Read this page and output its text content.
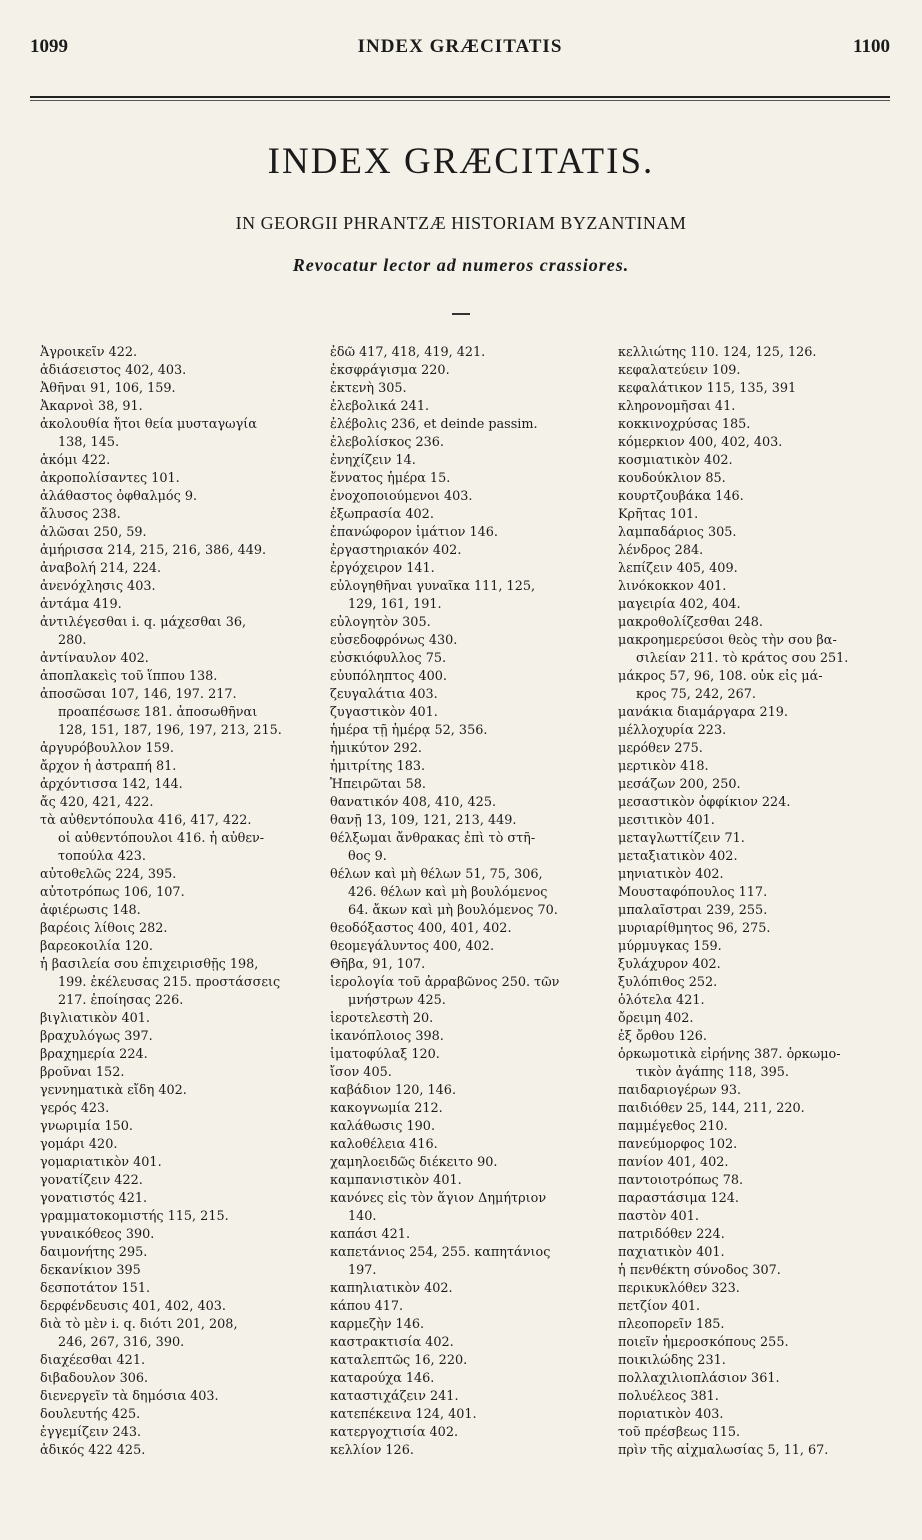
INDEX GRÆCITATIS
1099	1100
INDEX GRÆCITATIS.
IN GEORGII PHRANTZÆ HISTORIAM BYZANTINAM
Revocatur lector ad numeros crassiores.
Ἀγροικεῖν 422.
ἀδιάσειστος 402, 403.
Ἀθῆναι 91, 106, 159.
Ἀκαρνοὶ 38, 91.
ἀκολουθία ἤτοι θεία μυσταγωγία
138, 145.
ἀκόμι 422.
ἀκροπολίσαντες 101.
ἀλάθαστος ὀφθαλμός 9.
ἄλυσος 238.
ἁλῶσαι 250, 59.
ἀμήρισσα 214, 215, 216, 386, 449.
ἀναβολή 214, 224.
ἀνενόχλησις 403.
ἀντάμα 419.
ἀντιλέγεσθαι i. q. μάχεσθαι 36,
280.
ἀντίναυλον 402.
ἀποπλακεὶς τοῦ ἵππου 138.
ἀποσῶσαι 107, 146, 197. 217.
προαπέσωσε 181. ἀποσωθῆναι
128, 151, 187, 196, 197, 213, 215.
ἀργυρόβουλλον 159.
ἄρχον ἡ ἀστραπή 81.
ἀρχόντισσα 142, 144.
ἄς 420, 421, 422.
τὰ αὐθεντόπουλα 416, 417, 422.
οἱ αὐθεντόπουλοι 416. ἡ αὐθεν-
τοπούλα 423.
αὐτοθελῶς 224, 395.
αὐτοτρόπως 106, 107.
ἀφιέρωσις 148.
βαρέοις λίθοις 282.
βαρεοκοιλία 120.
ἡ βασιλεία σου ἐπιχειρισθῇς 198,
199. ἐκέλευσας 215. προστάσσεις
217. ἐποίησας 226.
βιγλιατικὸν 401.
βραχυλόγως 397.
βραχημερία 224.
βροῦναι 152.
γεννηματικὰ εἴδη 402.
γερός 423.
γνωριμία 150.
γομάρι 420.
γομαριατικὸν 401.
γονατίζειν 422.
γονατιστός 421.
γραμματοκομιστής 115, 215.
γυναικόθεος 390.
δαιμονήτης 295.
δεκανίκιον 395
δεσποτάτον 151.
δερφένδευσις 401, 402, 403.
διὰ τὸ μὲν i. q. διότι 201, 208,
246, 267, 316, 390.
διαχέεσθαι 421.
διβαδουλον 306.
διενεργεῖν τὰ δημόσια 403.
δουλευτής 425.
ἐγγεμίζειν 243.
ἀδικός 422 425.
ἐδῶ 417, 418, 419, 421.
ἐκσφράγισμα 220.
ἐκτενὴ 305.
ἐλεβολικά 241.
ἐλέβολις 236, et deinde passim.
ἐλεβολίσκος 236.
ἐνηχίζειν 14.
ἔννατος ἡμέρα 15.
ἐνοχοποιούμενοι 403.
ἐξωπρασία 402.
ἐπανώφορον ἱμάτιον 146.
ἐργαστηριακόν 402.
ἐργόχειρον 141.
εὐλογηθῆναι γυναῖκα 111, 125,
129, 161, 191.
εὐλογητὸν 305.
εὐσεδοφρόνως 430.
εὐσκιόφυλλος 75.
εὐυπόληπτος 400.
ζευγαλάτια 403.
ζυγαστικὸν 401.
ἡμέρα τῇ ἡμέρᾳ 52, 356.
ἡμικύτον 292.
ἡμιτρίτης 183.
Ἠπειρῶται 58.
θανατικόν 408, 410, 425.
θανῇ 13, 109, 121, 213, 449.
θέλξωμαι ἄνθρακας ἐπὶ τὸ στῆ-
θος 9.
θέλων καὶ μὴ θέλων 51, 75, 306,
426. θέλων καὶ μὴ βουλόμενος
64. ἄκων καὶ μὴ βουλόμενος 70.
θεοδόξαστος 400, 401, 402.
θεομεγάλυντος 400, 402.
Θῆβα, 91, 107.
ἱερολογία τοῦ ἀρραβῶνος 250. τῶν
μνήστρων 425.
ἱεροτελεστὴ 20.
ἰκανόπλοιος 398.
ἱματοφύλαξ 120.
ἴσον 405.
καβάδιον 120, 146.
κακογνωμία 212.
καλάθωσις 190.
καλοθέλεια 416.
χαμηλοειδῶς διέκειτο 90.
καμπανιστικὸν 401.
κανόνες εἰς τὸν ἅγιον Δημήτριον
140.
καπάσι 421.
καπετάνιος 254, 255. καπητάνιος
197.
καπηλιατικὸν 402.
κάπου 417.
καρμεζὴν 146.
καστρακτισία 402.
καταλεπτῶς 16, 220.
καταρούχα 146.
καταστιχάζειν 241.
κατεπέκεινα 124, 401.
κατεργοχτισία 402.
κελλίον 126.
κελλιώτης 110. 124, 125, 126.
κεφαλατεύειν 109.
κεφαλάτικον 115, 135, 391
κληρονομῆσαι 41.
κοκκινοχρύσας 185.
κόμερκιον 400, 402, 403.
κοσμιατικὸν 402.
κουδούκλιον 85.
κουρτζουβάκα 146.
Κρῆτας 101.
λαμπαδάριος 305.
λένδρος 284.
λεπίζειν 405, 409.
λινόκοκκον 401.
μαγειρία 402, 404.
μακροθολίζεσθαι 248.
μακροημερεύσοι θεὸς τὴν σου βα-
σιλείαν 211. τὸ κράτος σου 251.
μάκρος 57, 96, 108. οὐκ εἰς μά-
κρος 75, 242, 267.
μανάκια διαμάργαρα 219.
μέλλοχυρία 223.
μερόθεν 275.
μερτικὸν 418.
μεσάζων 200, 250.
μεσαστικὸν ὀφφίκιον 224.
μεσιτικὸν 401.
μεταγλωττίζειν 71.
μεταξιατικὸν 402.
μηνιατικὸν 402.
Μουσταφόπουλος 117.
μπαλαῖστραι 239, 255.
μυριαρίθμητος 96, 275.
μύρμυγκας 159.
ξυλάχυρον 402.
ξυλόπιθος 252.
ὁλότελα 421.
ὄρειμη 402.
ἐξ ὄρθου 126.
ὁρκωμοτικὰ εἰρήνης 387. ὁρκωμο-
τικὸν ἀγάπης 118, 395.
παιδαριογέρων 93.
παιδιόθεν 25, 144, 211, 220.
παμμέγεθος 210.
πανεύμορφος 102.
πανίον 401, 402.
παντοιοτρόπως 78.
παραστάσιμα 124.
παστὸν 401.
πατριδόθεν 224.
παχιατικὸν 401.
ἡ πενθέκτη σύνοδος 307.
περικυκλόθεν 323.
πετζίον 401.
πλεοπορεῖν 185.
ποιεῖν ἡμεροσκόπους 255.
ποικιλώδης 231.
πολλαχιλιοπλάσιον 361.
πολυέλεος 381.
ποριατικὸν 403.
τοῦ πρέσβεως 115.
πρὶν τῆς αἰχμαλωσίας 5, 11, 67.
